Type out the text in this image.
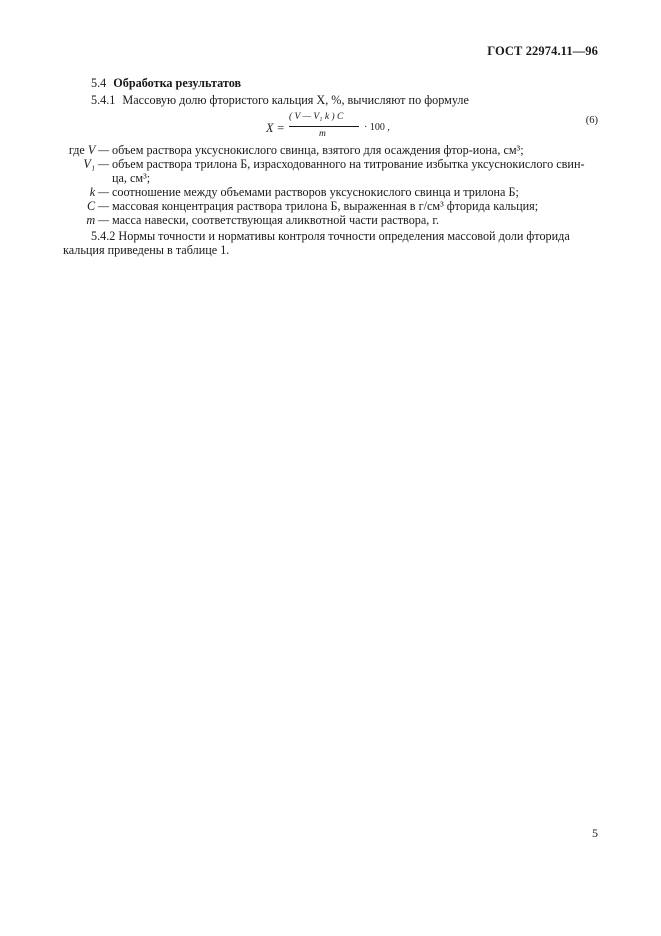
ГОСТ 22974.11—96
5.4 Обработка результатов
5.4.1 Массовую долю фтористого кальция X, %, вычисляют по формуле
X =
( V — V₁ k ) C
m
· 100 ,
(6)
где V — объем раствора уксуснокислого свинца, взятого для осаждения фтор-иона, см³;
V₁ — объем раствора трилона Б, израсходованного на титрование избытка уксуснокислого свин-
ца, см³;
k — соотношение между объемами растворов уксуснокислого свинца и трилона Б;
C — массовая концентрация раствора трилона Б, выраженная в г/см³ фторида кальция;
m — масса навески, соответствующая аликвотной части раствора, г.
5.4.2 Нормы точности и нормативы контроля точности определения массовой доли фторида
кальция приведены в таблице 1.
5
